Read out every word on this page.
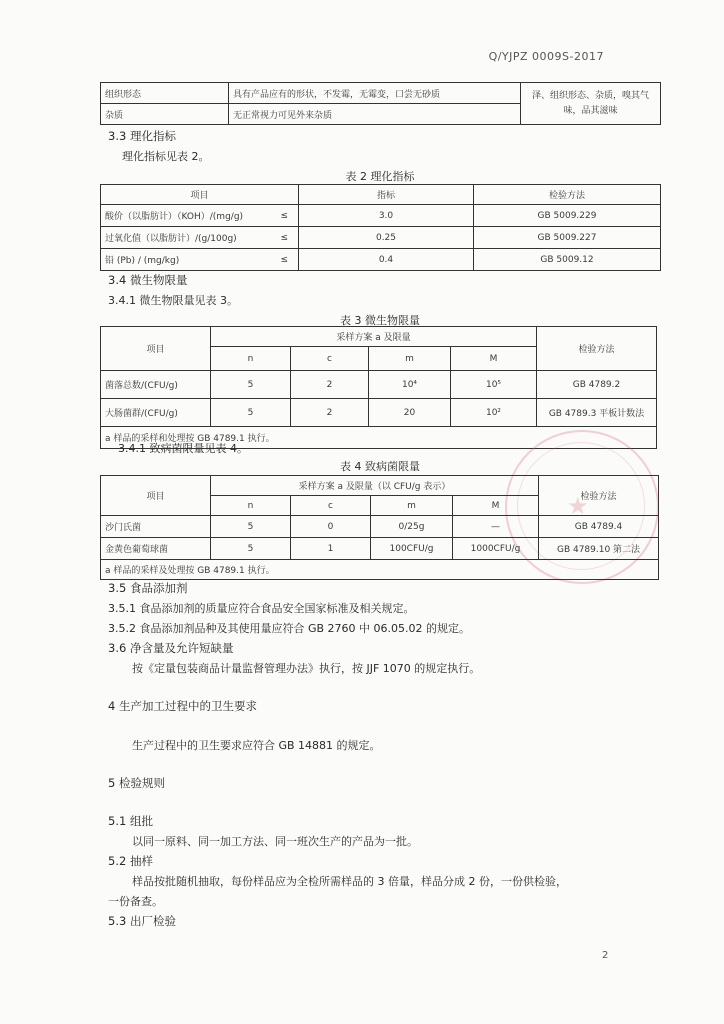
Q/YJPZ 0009S-2017
组织形态	具有产品应有的形状，不发霉，无霉变，口尝无砂质	泽、组织形态、杂质，嗅其气味，品其滋味
杂质	无正常视力可见外来杂质	
3.3 理化指标
理化指标见表 2。
表 2 理化指标
项目	指标	检验方法
酸价（以脂肪计）（KOH）/(mg/g) ≤	3.0	GB 5009.229
过氧化值（以脂肪计）/(g/100g) ≤	0.25	GB 5009.227
铅 (Pb) / (mg/kg) ≤	0.4	GB 5009.12
3.4 微生物限量
3.4.1 微生物限量见表 3。
表 3 微生物限量
项目	采样方案 a 及限量				检验方法
	n	c	m	M	
菌落总数/(CFU/g)	5	2	10⁴	10⁵	GB 4789.2
大肠菌群/(CFU/g)	5	2	20	10²	GB 4789.3 平板计数法
a 样品的采样和处理按 GB 4789.1 执行。					
3.4.1 致病菌限量见表 4。
★
表 4 致病菌限量
项目	采样方案 a 及限量（以 CFU/g 表示）				检验方法
	n	c	m	M	
沙门氏菌	5	0	0/25g	—	GB 4789.4
金黄色葡萄球菌	5	1	100CFU/g	1000CFU/g	GB 4789.10 第二法
a 样品的采样及处理按 GB 4789.1 执行。					
3.5 食品添加剂
3.5.1 食品添加剂的质量应符合食品安全国家标准及相关规定。
3.5.2 食品添加剂品种及其使用量应符合 GB 2760 中 06.05.02 的规定。
3.6 净含量及允许短缺量
按《定量包装商品计量监督管理办法》执行，按 JJF 1070 的规定执行。
4 生产加工过程中的卫生要求
生产过程中的卫生要求应符合 GB 14881 的规定。
5 检验规则
5.1 组批
以同一原料、同一加工方法、同一班次生产的产品为一批。
5.2 抽样
样品按批随机抽取，每份样品应为全检所需样品的 3 倍量，样品分成 2 份，一份供检验，
一份备查。
5.3 出厂检验
2
